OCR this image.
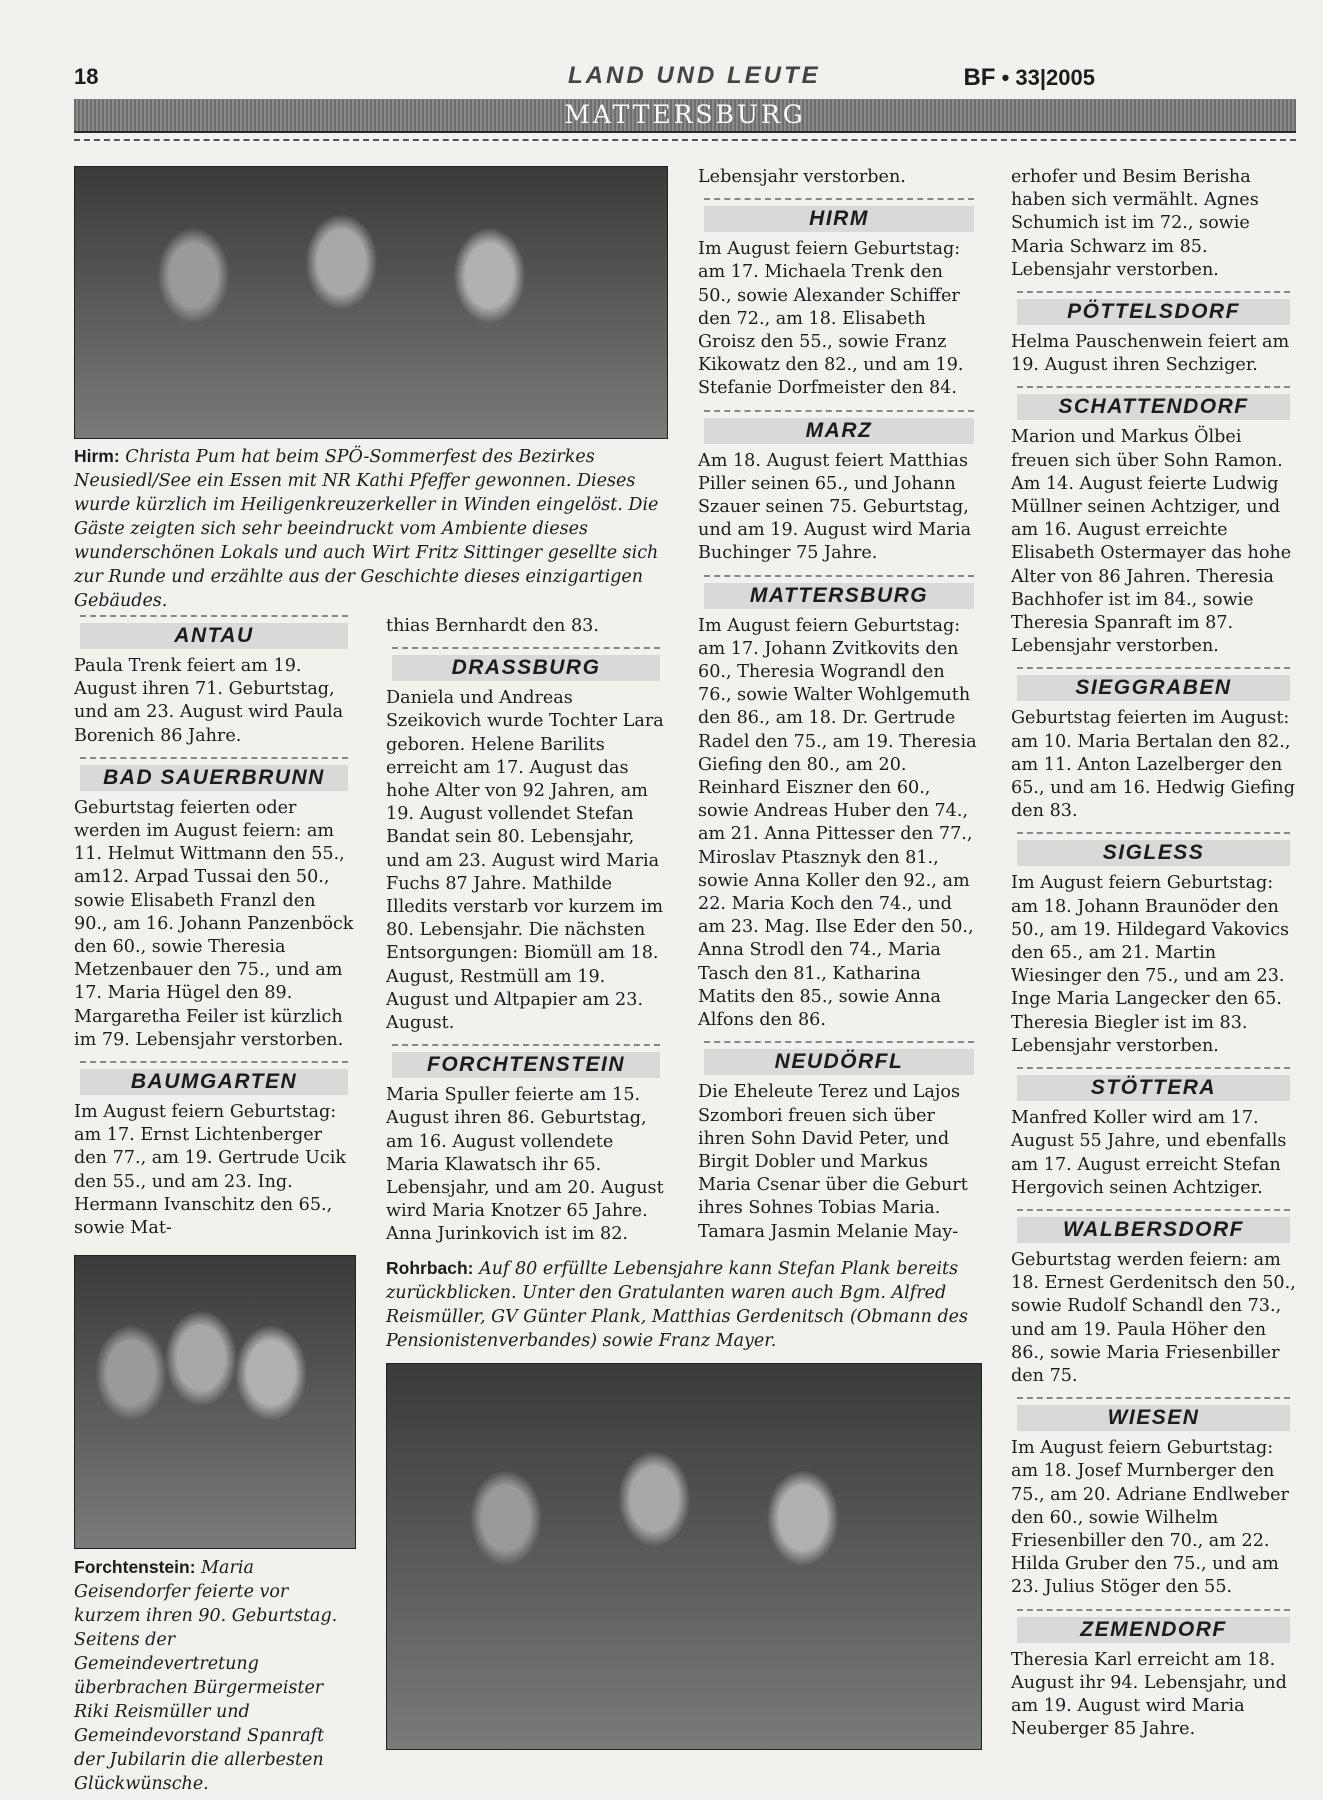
18	LAND UND LEUTE	BF • 33|2005
MATTERSBURG
Hirm: Christa Pum hat beim SPÖ-Sommerfest des Bezirkes Neusiedl/See ein Essen mit NR Kathi Pfeffer gewonnen. Dieses wurde kürzlich im Heiligenkreuzerkeller in Winden eingelöst. Die Gäste zeigten sich sehr beeindruckt vom Ambiente dieses wunderschönen Lokals und auch Wirt Fritz Sittinger gesellte sich zur Runde und erzählte aus der Geschichte dieses einzigartigen Gebäudes.
ANTAU

Paula Trenk feiert am 19. August ihren 71. Geburtstag, und am 23. August wird Paula Borenich 86 Jahre.

BAD SAUERBRUNN

Geburtstag feierten oder werden im August feiern: am 11. Helmut Wittmann den 55., am12. Arpad Tussai den 50., sowie Elisabeth Franzl den 90., am 16. Johann Panzenböck den 60., sowie Theresia Metzenbauer den 75., und am 17. Maria Hügel den 89. Margaretha Feiler ist kürzlich im 79. Lebensjahr verstorben.

BAUMGARTEN

Im August feiern Geburtstag: am 17. Ernst Lichtenberger den 77., am 19. Gertrude Ucik den 55., und am 23. Ing. Hermann Ivanschitz den 65., sowie Mat-

thias Bernhardt den 83.

DRASSBURG

Daniela und Andreas Szeikovich wurde Tochter Lara geboren. Helene Barilits erreicht am 17. August das hohe Alter von 92 Jahren, am 19. August vollendet Stefan Bandat sein 80. Lebensjahr, und am 23. August wird Maria Fuchs 87 Jahre. Mathilde Illedits verstarb vor kurzem im 80. Lebensjahr. Die nächsten Entsorgungen: Biomüll am 18. August, Restmüll am 19. August und Altpapier am 23. August.

FORCHTENSTEIN

Maria Spuller feierte am 15. August ihren 86. Geburtstag, am 16. August vollendete Maria Klawatsch ihr 65. Lebensjahr, und am 20. August wird Maria Knotzer 65 Jahre. Anna Jurinkovich ist im 82.

Lebensjahr verstorben.

HIRM

Im August feiern Geburtstag: am 17. Michaela Trenk den 50., sowie Alexander Schiffer den 72., am 18. Elisabeth Groisz den 55., sowie Franz Kikowatz den 82., und am 19. Stefanie Dorfmeister den 84.

MARZ

Am 18. August feiert Matthias Piller seinen 65., und Johann Szauer seinen 75. Geburtstag, und am 19. August wird Maria Buchinger 75 Jahre.

MATTERSBURG

Im August feiern Geburtstag: am 17. Johann Zvitkovits den 60., Theresia Wograndl den 76., sowie Walter Wohlgemuth den 86., am 18. Dr. Gertrude Radel den 75., am 19. Theresia Giefing den 80., am 20. Reinhard Eiszner den 60., sowie Andreas Huber den 74., am 21. Anna Pittesser den 77., Miroslav Ptasznyk den 81., sowie Anna Koller den 92., am 22. Maria Koch den 74., und am 23. Mag. Ilse Eder den 50., Anna Strodl den 74., Maria Tasch den 81., Katharina Matits den 85., sowie Anna Alfons den 86.

NEUDÖRFL

Die Eheleute Terez und Lajos Szombori freuen sich über ihren Sohn David Peter, und Birgit Dobler und Markus Maria Csenar über die Geburt ihres Sohnes Tobias Maria. Tamara Jasmin Melanie May-

erhofer und Besim Berisha haben sich vermählt. Agnes Schumich ist im 72., sowie Maria Schwarz im 85. Lebensjahr verstorben.

PÖTTELSDORF

Helma Pauschenwein feiert am 19. August ihren Sechziger.

SCHATTENDORF

Marion und Markus Ölbei freuen sich über Sohn Ramon. Am 14. August feierte Ludwig Müllner seinen Achtziger, und am 16. August erreichte Elisabeth Ostermayer das hohe Alter von 86 Jahren. Theresia Bachhofer ist im 84., sowie Theresia Spanraft im 87. Lebensjahr verstorben.

SIEGGRABEN

Geburtstag feierten im August: am 10. Maria Bertalan den 82., am 11. Anton Lazelberger den 65., und am 16. Hedwig Giefing den 83.

SIGLESS

Im August feiern Geburtstag: am 18. Johann Braunöder den 50., am 19. Hildegard Vakovics den 65., am 21. Martin Wiesinger den 75., und am 23. Inge Maria Langecker den 65. Theresia Biegler ist im 83. Lebensjahr verstorben.

STÖTTERA

Manfred Koller wird am 17. August 55 Jahre, und ebenfalls am 17. August erreicht Stefan Hergovich seinen Achtziger.

WALBERSDORF

Geburtstag werden feiern: am 18. Ernest Gerdenitsch den 50., sowie Rudolf Schandl den 73., und am 19. Paula Höher den 86., sowie Maria Friesenbiller den 75.

WIESEN

Im August feiern Geburtstag: am 18. Josef Murnberger den 75., am 20. Adriane Endlweber den 60., sowie Wilhelm Friesenbiller den 70., am 22. Hilda Gruber den 75., und am 23. Julius Stöger den 55.

ZEMENDORF

Theresia Karl erreicht am 18. August ihr 94. Lebensjahr, und am 19. August wird Maria Neuberger 85 Jahre.

Forchtenstein: Maria Geisendorfer feierte vor kurzem ihren 90. Geburtstag. Seitens der Gemeindevertretung überbrachen Bürgermeister Riki Reismüller und Gemeindevorstand Spanraft der Jubilarin die allerbesten Glückwünsche.
Rohrbach: Auf 80 erfüllte Lebensjahre kann Stefan Plank bereits zurückblicken. Unter den Gratulanten waren auch Bgm. Alfred Reismüller, GV Günter Plank, Matthias Gerdenitsch (Obmann des Pensionistenverbandes) sowie Franz Mayer.
